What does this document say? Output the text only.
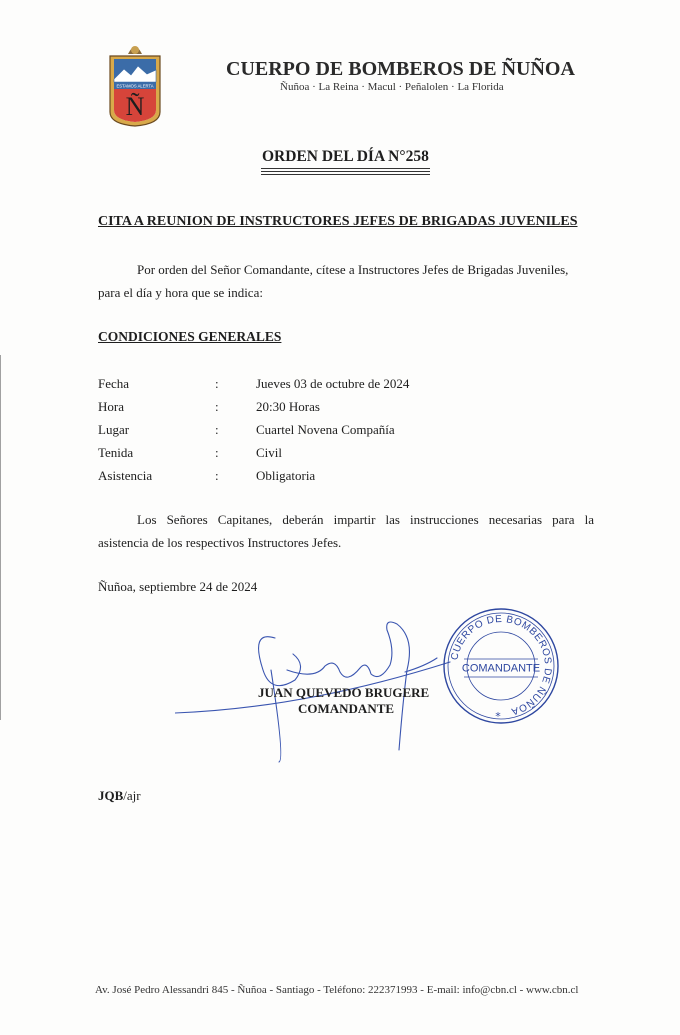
ESTAMOS ALERTA
Ñ
CUERPO DE BOMBEROS DE ÑUÑOA
Ñuñoa · La Reina · Macul · Peñalolen · La Florida
ORDEN DEL DÍA N°258
CITA A REUNION DE INSTRUCTORES JEFES DE BRIGADAS JUVENILES
Por orden del Señor Comandante, cítese a Instructores Jefes de Brigadas Juveniles,
para el día y hora que se indica:
CONDICIONES GENERALES
Fecha	:	Jueves 03 de octubre de 2024
Hora	:	20:30 Horas
Lugar	:	Cuartel Novena Compañía
Tenida	:	Civil
Asistencia	:	Obligatoria
Los Señores Capitanes, deberán impartir las instrucciones necesarias para la
asistencia de los respectivos Instructores Jefes.
Ñuñoa, septiembre 24 de 2024
JUAN QUEVEDO BRUGERE
COMANDANTE
CUERPO DE BOMBEROS DE ÑUÑOA
COMANDANTE
*
JQB/ajr
Av. José Pedro Alessandri 845 - Ñuñoa - Santiago - Teléfono: 222371993 - E-mail: info@cbn.cl - www.cbn.cl
